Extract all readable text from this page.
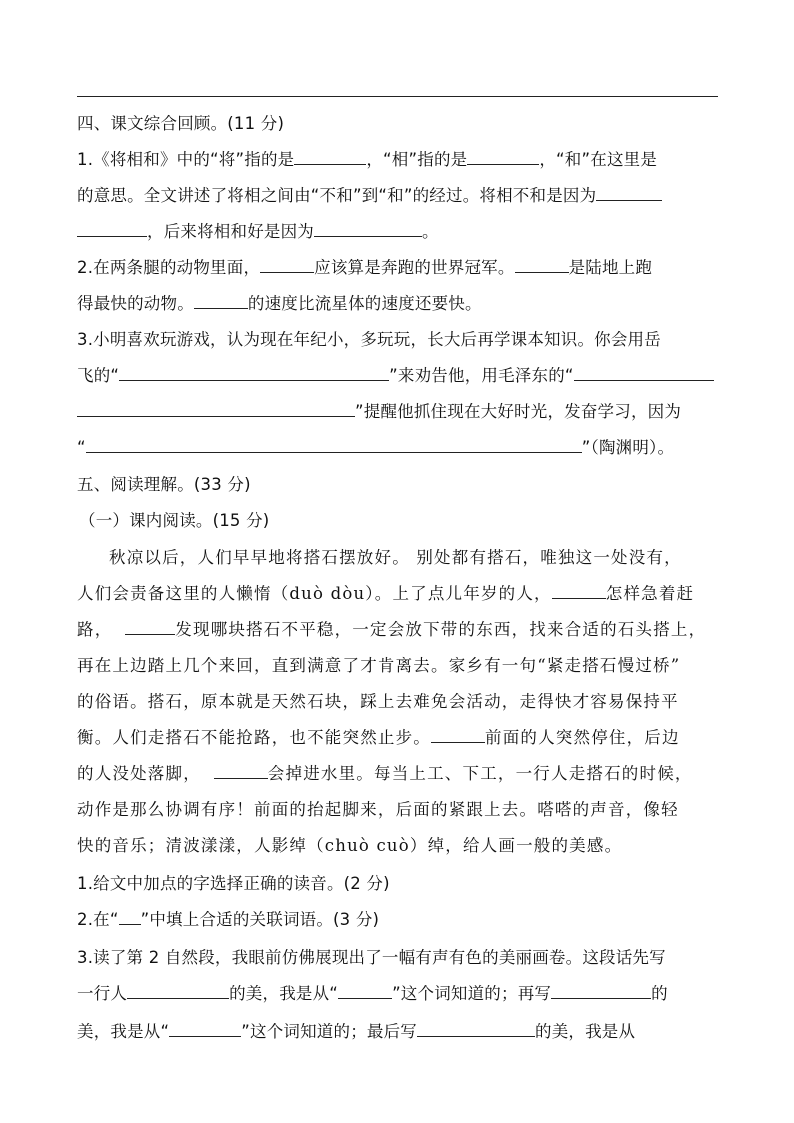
四、课文综合回顾。(11 分)
1.《将相和》中的“将”指的是	，“相”指的是	，“和”在这里是
的意思。全文讲述了将相之间由“不和”到“和”的经过。将相不和是因为
，后来将相和好是因为	。
2.在两条腿的动物里面，	应该算是奔跑的世界冠军。	是陆地上跑
得最快的动物。	的速度比流星体的速度还要快。
3.小明喜欢玩游戏，认为现在年纪小，多玩玩，长大后再学课本知识。你会用岳
飞的“	”来劝告他，用毛泽东的“
”提醒他抓住现在大好时光，发奋学习，因为
“	”（陶渊明）。
五、阅读理解。(33 分)
（一）课内阅读。(15 分)
秋凉以后，人们早早地将搭石摆放好。 别处都有搭石，唯独这一处没有，
人们会责备这里的人懒惰（duò dòu）。上了点儿年岁的人，	怎样急着赶
路，	发现哪块搭石不平稳，一定会放下带的东西，找来合适的石头搭上，
再在上边踏上几个来回，直到满意了才肯离去。家乡有一句“紧走搭石慢过桥”
的俗语。搭石，原本就是天然石块，踩上去难免会活动，走得快才容易保持平
衡。人们走搭石不能抢路，也不能突然止步。	前面的人突然停住，后边
的人没处落脚，	会掉进水里。每当上工、下工，一行人走搭石的时候，
动作是那么协调有序！前面的抬起脚来，后面的紧跟上去。嗒嗒的声音，像轻
快的音乐；清波漾漾，人影绰（chuò cuò）绰，给人画一般的美感。
1.给文中加点的字选择正确的读音。(2 分)
2.在“ ”中填上合适的关联词语。(3 分)
3.读了第 2 自然段，我眼前仿佛展现出了一幅有声有色的美丽画卷。这段话先写
一行人	的美，我是从“	”这个词知道的；再写	的
美，我是从“	”这个词知道的；最后写	的美，我是从
